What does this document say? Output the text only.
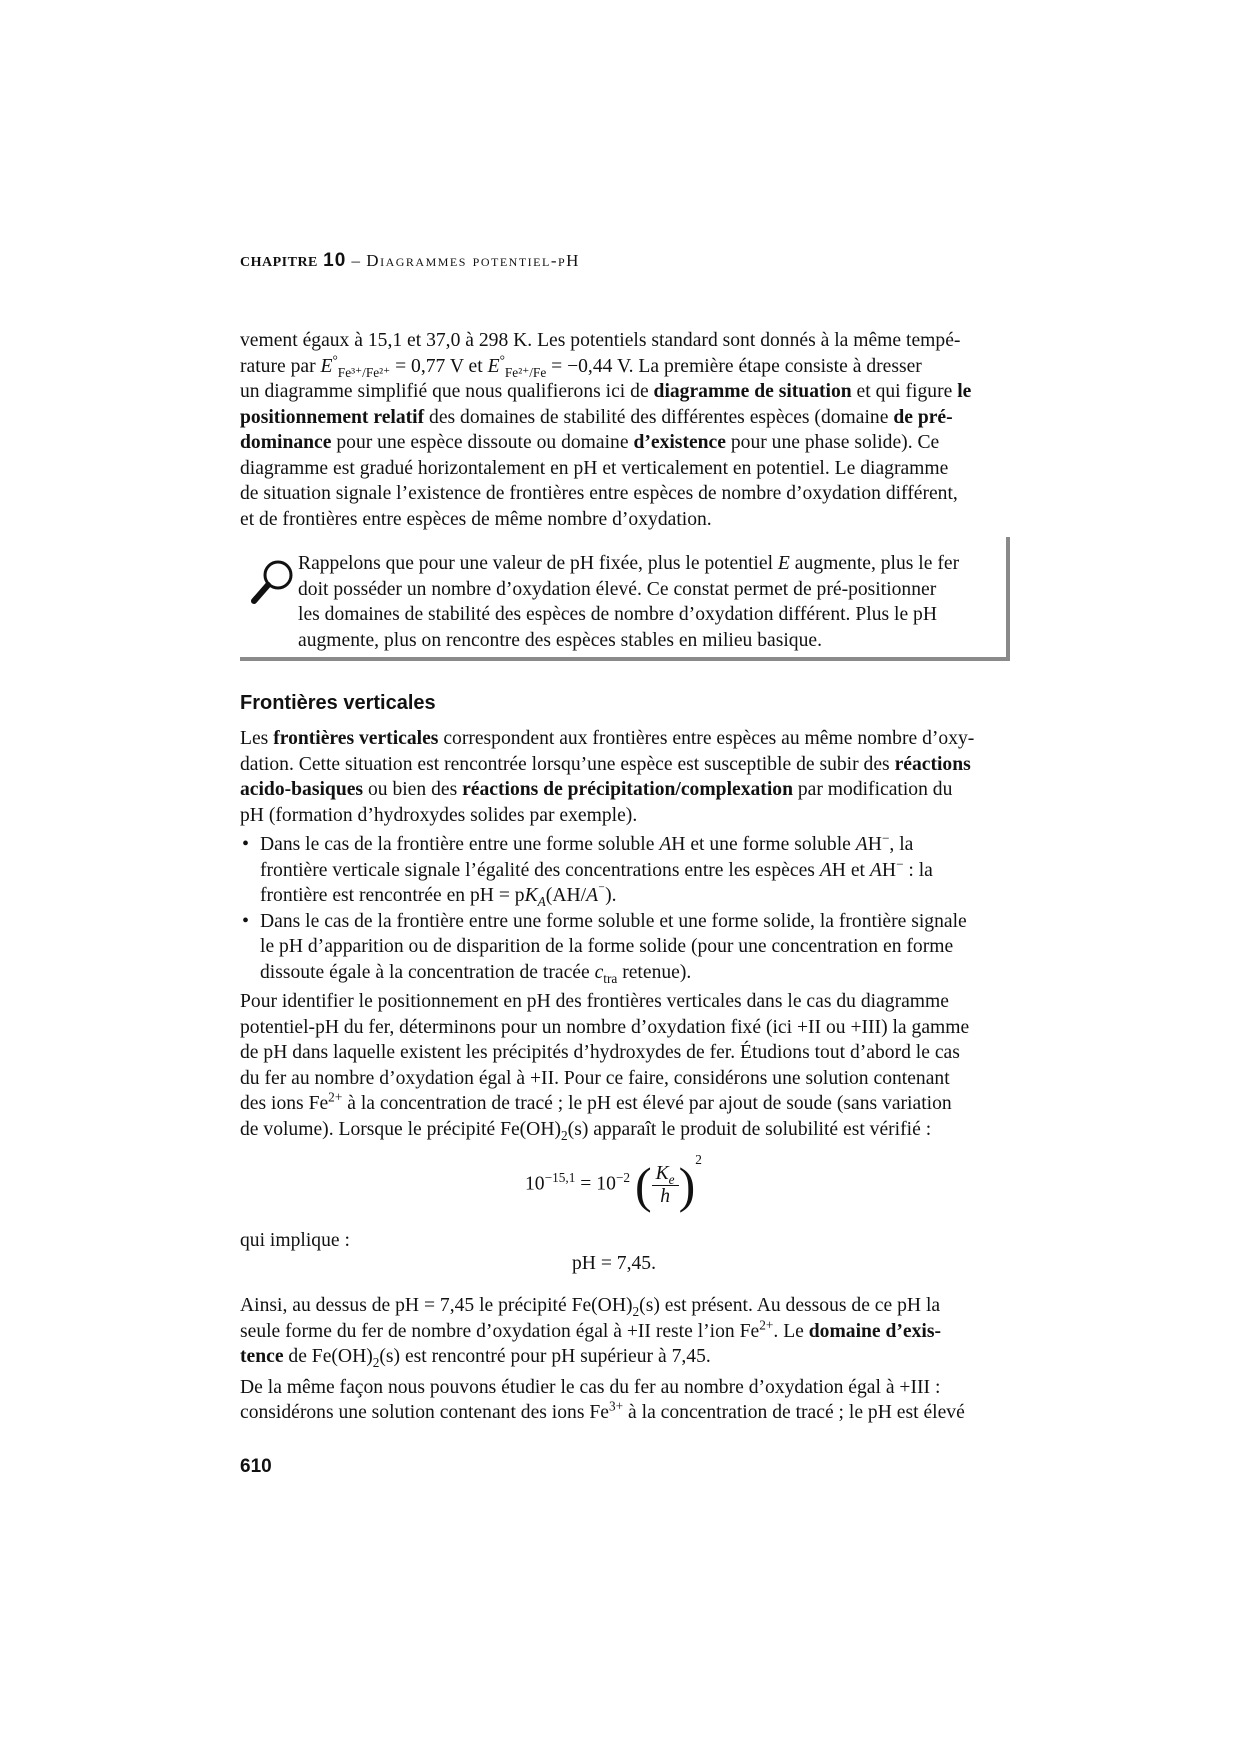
CHAPITRE 10 – Diagrammes potentiel-pH

vement égaux à 15,1 et 37,0 à 298 K. Les potentiels standard sont donnés à la même tempé-
rature par $E^\circ_{Fe^{3+}/Fe^{2+}} = 0,77$ V et $E^\circ_{Fe^{2+}/Fe} = -0,44$ V. La première étape consiste à dresser
un diagramme simplifié que nous qualifierons ici de diagramme de situation et qui figure le
positionnement relatif des domaines de stabilité des différentes espèces (domaine de pré-
dominance pour une espèce dissoute ou domaine d’existence pour une phase solide). Ce
diagramme est gradué horizontalement en pH et verticalement en potentiel. Le diagramme
de situation signale l’existence de frontières entre espèces de nombre d’oxydation différent,
et de frontières entre espèces de même nombre d’oxydation.

Rappelons que pour une valeur de pH fixée, plus le potentiel E augmente, plus le fer
doit posséder un nombre d’oxydation élevé. Ce constat permet de pré-positionner
les domaines de stabilité des espèces de nombre d’oxydation différent. Plus le pH
augmente, plus on rencontre des espèces stables en milieu basique.
Frontières verticales

Les frontières verticales correspondent aux frontières entre espèces au même nombre d’oxy-
dation. Cette situation est rencontrée lorsqu’une espèce est susceptible de subir des réactions
acido-basiques ou bien des réactions de précipitation/complexation par modification du
pH (formation d’hydroxydes solides par exemple).

• Dans le cas de la frontière entre une forme soluble AH et une forme soluble AH−, la
frontière verticale signale l’égalité des concentrations entre les espèces AH et AH− : la
frontière est rencontrée en pH = $pK_A(AH/A^{^-})$.
• Dans le cas de la frontière entre une forme soluble et une forme solide, la frontière signale
le pH d’apparition ou de disparition de la forme solide (pour une concentration en forme
dissoute égale à la concentration de tracée $c_{tra}$ retenue).

Pour identifier le positionnement en pH des frontières verticales dans le cas du diagramme
potentiel-pH du fer, déterminons pour un nombre d’oxydation fixé (ici +II ou +III) la gamme
de pH dans laquelle existent les précipités d’hydroxydes de fer. Étudions tout d’abord le cas
du fer au nombre d’oxydation égal à +II. Pour ce faire, considérons une solution contenant
des ions $Fe^{2+}$ à la concentration de tracé ; le pH est élevé par ajout de soude (sans variation
de volume). Lorsque le précipité $Fe(OH)_2(s)$ apparaît le produit de solubilité est vérifié :

$10^{-15,1} = 10^{-2}$ ( $\frac{K_e}{h} )^2$
qui implique :
pH = 7,45.

Ainsi, au dessus de pH = 7,45 le précipité $Fe(OH)_2(s)$ est présent. Au dessous de ce pH la
seule forme du fer de nombre d’oxydation égal à +II reste l’ion $Fe^{2+}$. Le domaine d’exis-
tence de $Fe(OH)_2(s)$ est rencontré pour pH supérieur à 7,45.

De la même façon nous pouvons étudier le cas du fer au nombre d’oxydation égal à +III :
considérons une solution contenant des ions $Fe^{3+}$ à la concentration de tracé ; le pH est élevé

610
